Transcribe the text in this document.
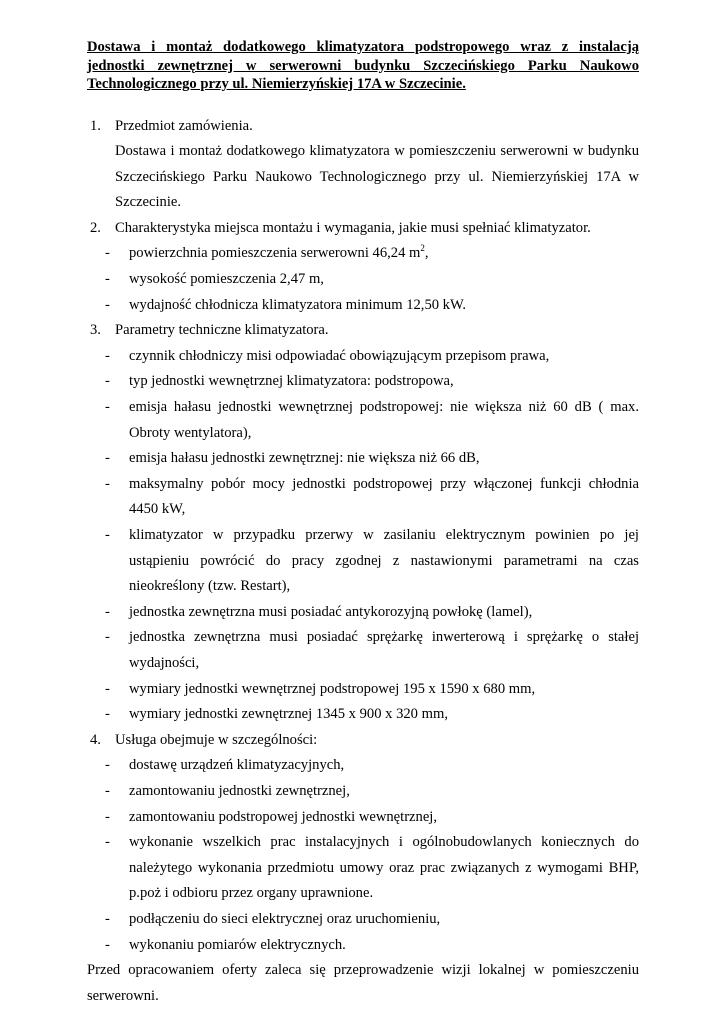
Dostawa i montaż dodatkowego klimatyzatora podstropowego wraz z instalacją jednostki zewnętrznej w serwerowni budynku Szczecińskiego Parku Naukowo
Technologicznego przy ul. Niemierzyńskiej 17A w Szczecinie.

1. Przedmiot zamówienia.
Dostawa i montaż dodatkowego klimatyzatora w pomieszczeniu serwerowni w budynku Szczecińskiego Parku Naukowo Technologicznego przy ul. Niemierzyńskiej 17A w Szczecinie.
2. Charakterystyka miejsca montażu i wymagania, jakie musi spełniać klimatyzator.
- powierzchnia pomieszczenia serwerowni 46,24 $m^2$,
- wysokość pomieszczenia 2,47 m,
- wydajność chłodnicza klimatyzatora minimum 12,50 kW.
3. Parametry techniczne klimatyzatora.
- czynnik chłodniczy misi odpowiadać obowiązującym przepisom prawa,
- typ jednostki wewnętrznej klimatyzatora: podstropowa,
- emisja hałasu jednostki wewnętrznej podstropowej: nie większa niż 60 dB ( max. Obroty wentylatora),
- emisja hałasu jednostki zewnętrznej: nie większa niż 66 dB,
- maksymalny pobór mocy jednostki podstropowej przy włączonej funkcji chłodnia 4450 kW,
- klimatyzator w przypadku przerwy w zasilaniu elektrycznym powinien po jej ustąpieniu powrócić do pracy zgodnej z nastawionymi parametrami na czas nieokreślony (tzw. Restart),
- jednostka zewnętrzna musi posiadać antykorozyjną powłokę (lamel),
- jednostka zewnętrzna musi posiadać sprężarkę inwerterową i sprężarkę o stałej wydajności,
- wymiary jednostki wewnętrznej podstropowej 195 x 1590 x 680 mm,
- wymiary jednostki zewnętrznej 1345 x 900 x 320 mm,
4. Usługa obejmuje w szczególności:
- dostawę urządzeń klimatyzacyjnych,
- zamontowaniu jednostki zewnętrznej,
- zamontowaniu podstropowej jednostki wewnętrznej,
- wykonanie wszelkich prac instalacyjnych i ogólnobudowlanych koniecznych do należytego wykonania przedmiotu umowy oraz prac związanych z wymogami BHP, p.poż i odbioru przez organy uprawnione.
- podłączeniu do sieci elektrycznej oraz uruchomieniu,
- wykonaniu pomiarów elektrycznych.
Przed opracowaniem oferty zaleca się przeprowadzenie wizji lokalnej w pomieszczeniu serwerowni.
